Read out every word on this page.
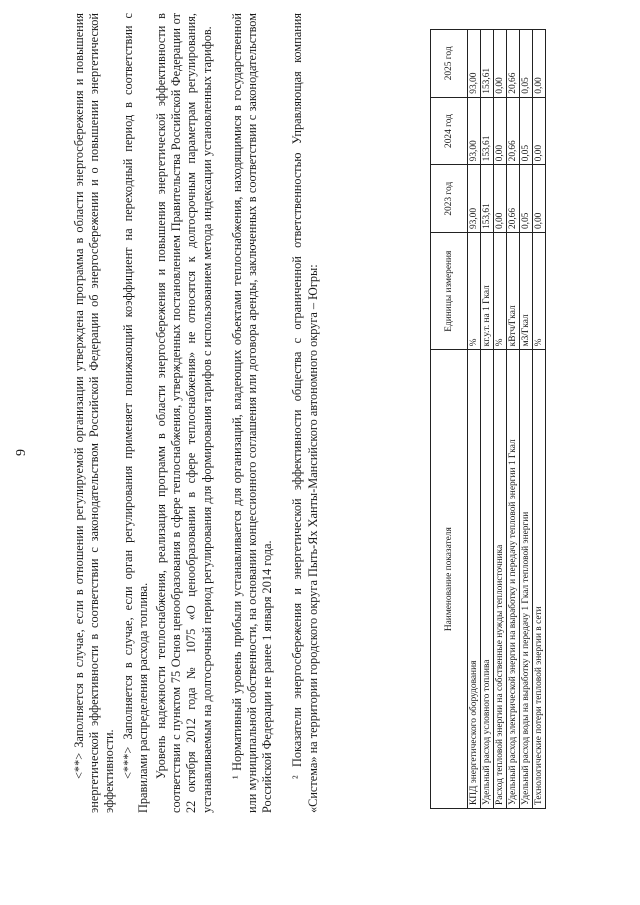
9	<**> Заполняется в случае, если в отношении регулируемой организации утверждена программа в области энергосбережения и повышения энергетической эффективности в соответствии с законодательством Российской Федерации об энергосбережении и о повышении энергетической эффективности. <***> Заполняется в случае, если орган регулирования применяет понижающий коэффициент на переходный период в соответствии с Правилами распределения расхода топлива. Уровень надежности теплоснабжения, реализация программ в области энергосбережения и повышения энергетической эффективности в соответствии с пунктом 75 Основ ценообразования в сфере теплоснабжения, утвержденных постановлением Правительства Российской Федерации от 22 октября 2012 года № 1075 «О ценообразовании в сфере теплоснабжения» не относятся к долгосрочным параметрам регулирования, устанавливаемым на долгосрочный период регулирования для формирования тарифов с использованием метода индексации установленных тарифов. ¹ Нормативный уровень прибыли устанавливается для организаций, владеющих объектами теплоснабжения, находящимися в государственной или муниципальной собственности, на основании концессионного соглашения или договора аренды, заключенных в соответствии с законодательством Российской Федерации не ранее 1 января 2014 года. ² Показатели энергосбережения и энергетической эффективности общества с ограниченной ответственностью Управляющая компания «Система» на территории городского округа Пыть-Ях Ханты-Мансийского автономного округа – Югры:	Наименование показателя	Единицы измерения	2023 год	2024 год	2025 год
КПД энергетического оборудования	%	93,00	93,00	93,00
Удельный расход условного топлива	кг.у.т. на 1 Гкал	153,61	153,61	153,61
Расход тепловой энергии на собственные нужды теплоисточника	%	0,00	0,00	0,00
Удельный расход электрической энергии на выработку и передачу тепловой энергии 1 Гкал	кВтч/Гкал	20,66	20,66	20,66
Удельный расход воды на выработку и передачу 1 Гкал тепловой энергии	м3/Гкал	0,05	0,05	0,05
Технологические потери тепловой энергии в сети	%	0,00	0,00	0,00
